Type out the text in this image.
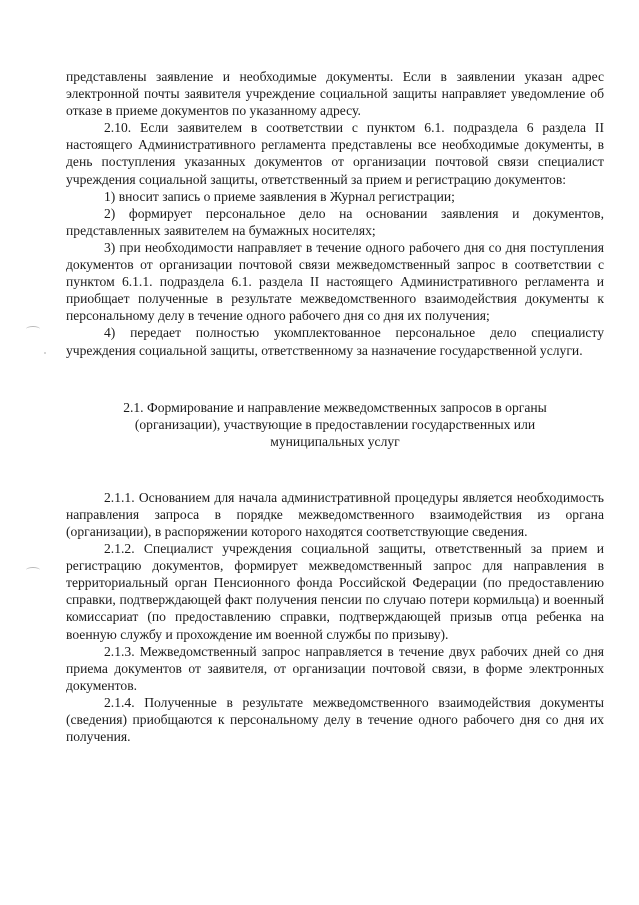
представлены заявление и необходимые документы. Если в заявлении указан адрес электронной почты заявителя учреждение социальной защиты направляет уведомление об отказе в приеме документов по указанному адресу.

2.10. Если заявителем в соответствии с пунктом 6.1. подраздела 6 раздела II настоящего Административного регламента представлены все необходимые документы, в день поступления указанных документов от организации почтовой связи специалист учреждения социальной защиты, ответственный за прием и регистрацию документов:

1) вносит запись о приеме заявления в Журнал регистрации;

2) формирует персональное дело на основании заявления и документов, представленных заявителем на бумажных носителях;

3) при необходимости направляет в течение одного рабочего дня со дня поступления документов от организации почтовой связи межведомственный запрос в соответствии с пунктом 6.1.1. подраздела 6.1. раздела II настоящего Административного регламента и приобщает полученные в результате межведомственного взаимодействия документы к персональному делу в течение одного рабочего дня со дня их получения;

4) передает полностью укомплектованное персональное дело специалисту учреждения социальной защиты, ответственному за назначение государственной услуги.

2.1. Формирование и направление межведомственных запросов в органы
(организации), участвующие в предоставлении государственных или
муниципальных услуг

2.1.1. Основанием для начала административной процедуры является необходимость направления запроса в порядке межведомственного взаимодействия из органа (организации), в распоряжении которого находятся соответствующие сведения.

2.1.2. Специалист учреждения социальной защиты, ответственный за прием и регистрацию документов, формирует межведомственный запрос для направления в территориальный орган Пенсионного фонда Российской Федерации (по предоставлению справки, подтверждающей факт получения пенсии по случаю потери кормильца) и военный комиссариат (по предоставлению справки, подтверждающей призыв отца ребенка на военную службу и прохождение им военной службы по призыву).

2.1.3. Межведомственный запрос направляется в течение двух рабочих дней со дня приема документов от заявителя, от организации почтовой связи, в форме электронных документов.

2.1.4. Полученные в результате межведомственного взаимодействия документы (сведения) приобщаются к персональному делу в течение одного рабочего дня со дня их получения.
